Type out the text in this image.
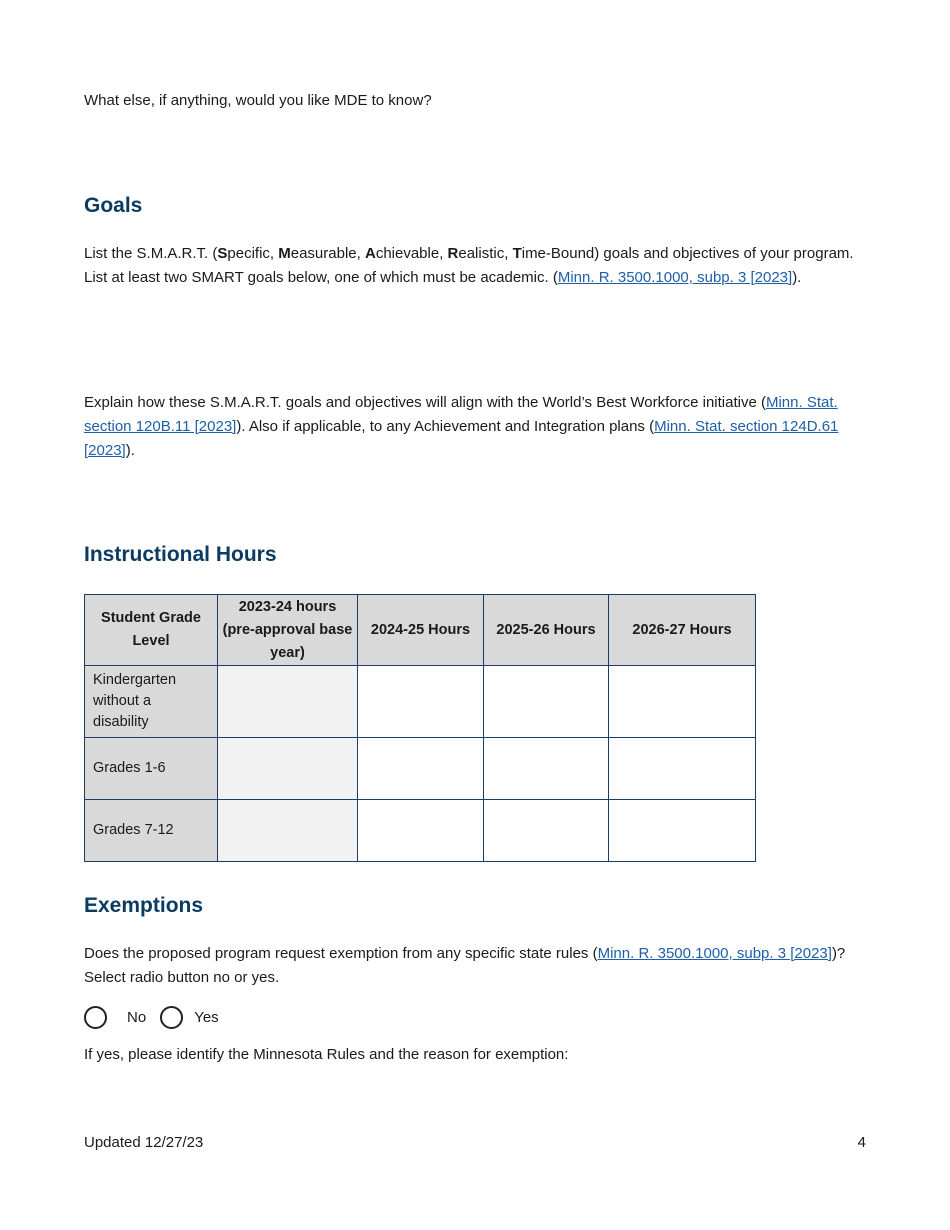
What else, if anything, would you like MDE to know?

Goals

List the S.M.A.R.T. (Specific, Measurable, Achievable, Realistic, Time-Bound) goals and objectives of your program. List at least two SMART goals below, one of which must be academic. (Minn. R. 3500.1000, subp. 3 [2023]).

Explain how these S.M.A.R.T. goals and objectives will align with the World’s Best Workforce initiative (Minn. Stat. section 120B.11 [2023]). Also if applicable, to any Achievement and Integration plans (Minn. Stat. section 124D.61 [2023]).

Instructional Hours
Student Grade Level	2023-24 hours (pre-approval base year)	2024-25 Hours	2025-26 Hours	2026-27 Hours
Kindergarten without a disability				
Grades 1-6				
Grades 7-12				
Exemptions

Does the proposed program request exemption from any specific state rules (Minn. R. 3500.1000, subp. 3 [2023])? Select radio button no or yes.

No	Yes

If yes, please identify the Minnesota Rules and the reason for exemption:

Updated 12/27/23	4
